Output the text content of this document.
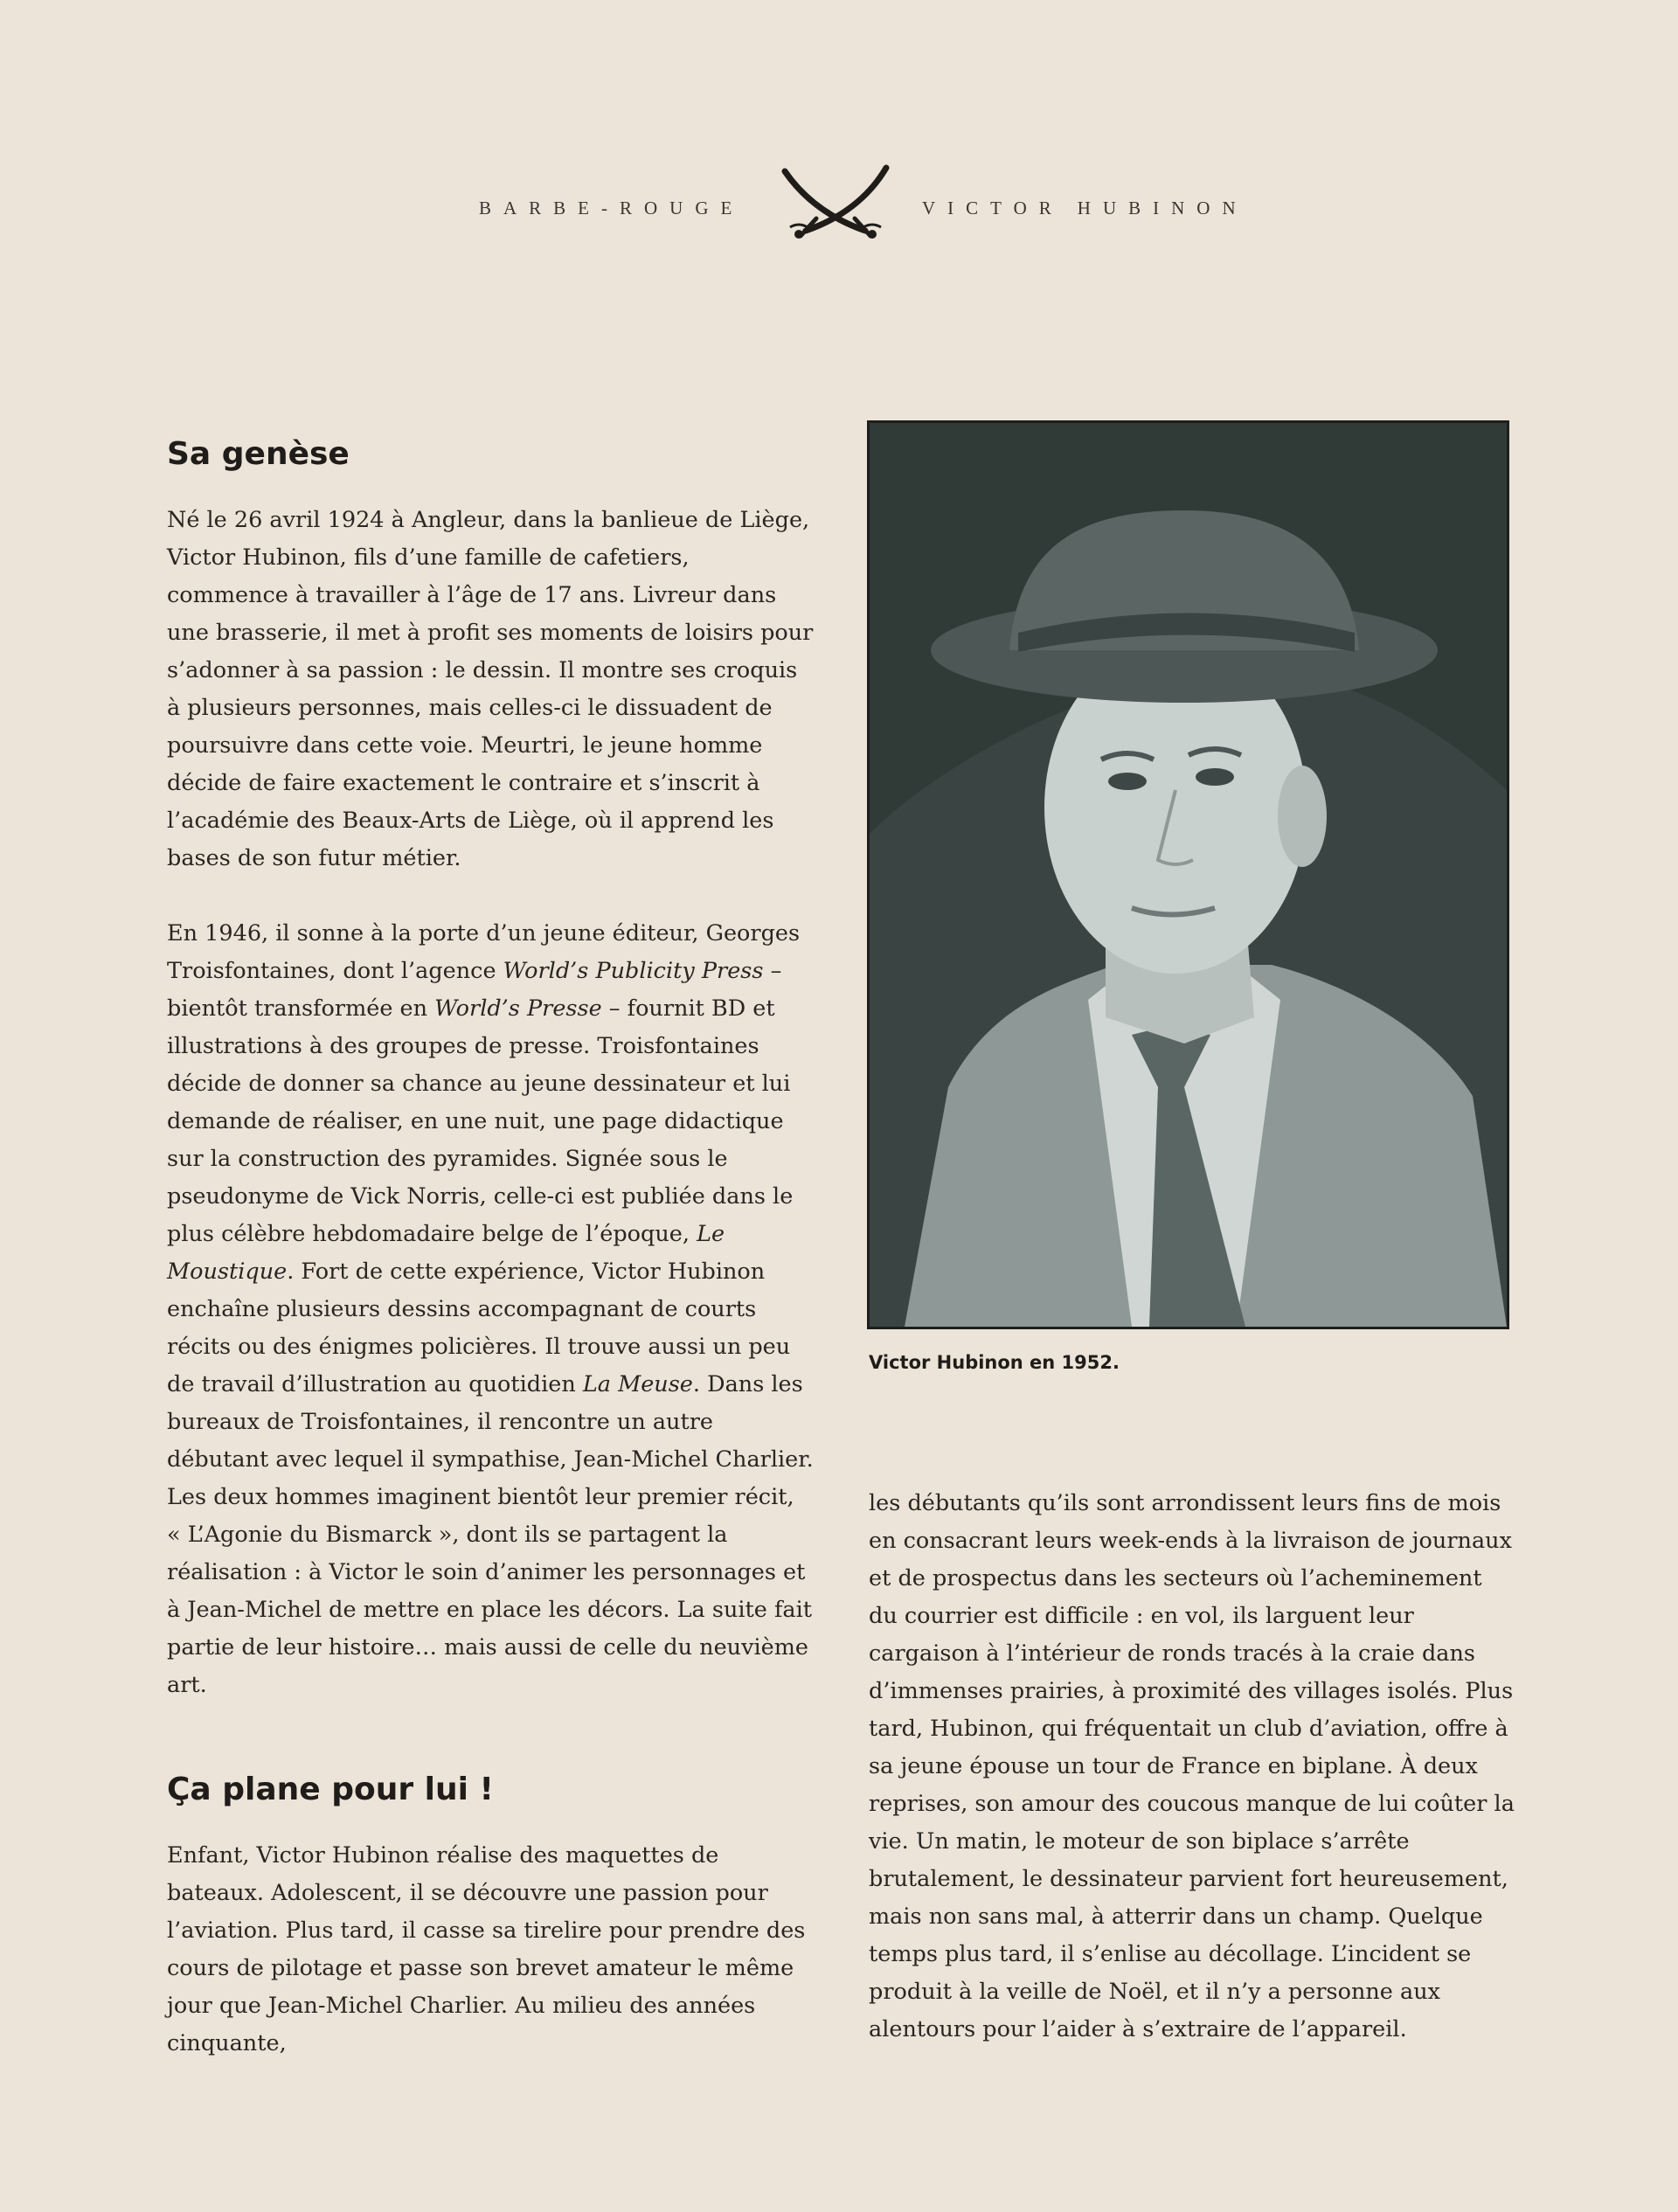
BARBE-ROUGE	VICTOR HUBINON
Sa genèse

Né le 26 avril 1924 à Angleur, dans la banlieue de Liège, Victor Hubinon, fils d’une famille de cafetiers, commence à travailler à l’âge de 17 ans. Livreur dans une brasserie, il met à profit ses moments de loisirs pour s’adonner à sa passion : le dessin. Il montre ses croquis à plusieurs personnes, mais celles-ci le dissuadent de poursuivre dans cette voie. Meurtri, le jeune homme décide de faire exactement le contraire et s’inscrit à l’académie des Beaux-Arts de Liège, où il apprend les bases de son futur métier.

En 1946, il sonne à la porte d’un jeune éditeur, Georges Troisfontaines, dont l’agence World’s Publicity Press – bientôt transformée en World’s Presse – fournit BD et illustrations à des groupes de presse. Troisfontaines décide de donner sa chance au jeune dessinateur et lui demande de réaliser, en une nuit, une page didactique sur la construction des pyramides. Signée sous le pseudonyme de Vick Norris, celle-ci est publiée dans le plus célèbre hebdomadaire belge de l’époque, Le Moustique. Fort de cette expérience, Victor Hubinon enchaîne plusieurs dessins accompagnant de courts récits ou des énigmes policières. Il trouve aussi un peu de travail d’illustration au quotidien La Meuse. Dans les bureaux de Troisfontaines, il rencontre un autre débutant avec lequel il sympathise, Jean-Michel Charlier. Les deux hommes imaginent bientôt leur premier récit, « L’Agonie du Bismarck », dont ils se partagent la réalisation : à Victor le soin d’animer les personnages et à Jean-Michel de mettre en place les décors. La suite fait partie de leur histoire… mais aussi de celle du neuvième art.

Ça plane pour lui !

Enfant, Victor Hubinon réalise des maquettes de bateaux. Adolescent, il se découvre une passion pour l’aviation. Plus tard, il casse sa tirelire pour prendre des cours de pilotage et passe son brevet amateur le même jour que Jean-Michel Charlier. Au milieu des années cinquante,

Victor Hubinon en 1952.

les débutants qu’ils sont arrondissent leurs fins de mois en consacrant leurs week-ends à la livraison de journaux et de prospectus dans les secteurs où l’acheminement du courrier est difficile : en vol, ils larguent leur cargaison à l’intérieur de ronds tracés à la craie dans d’immenses prairies, à proximité des villages isolés. Plus tard, Hubinon, qui fréquentait un club d’aviation, offre à sa jeune épouse un tour de France en biplane. À deux reprises, son amour des coucous manque de lui coûter la vie. Un matin, le moteur de son biplace s’arrête brutalement, le dessinateur parvient fort heureusement, mais non sans mal, à atterrir dans un champ. Quelque temps plus tard, il s’enlise au décollage. L’incident se produit à la veille de Noël, et il n’y a personne aux alentours pour l’aider à s’extraire de l’appareil.
